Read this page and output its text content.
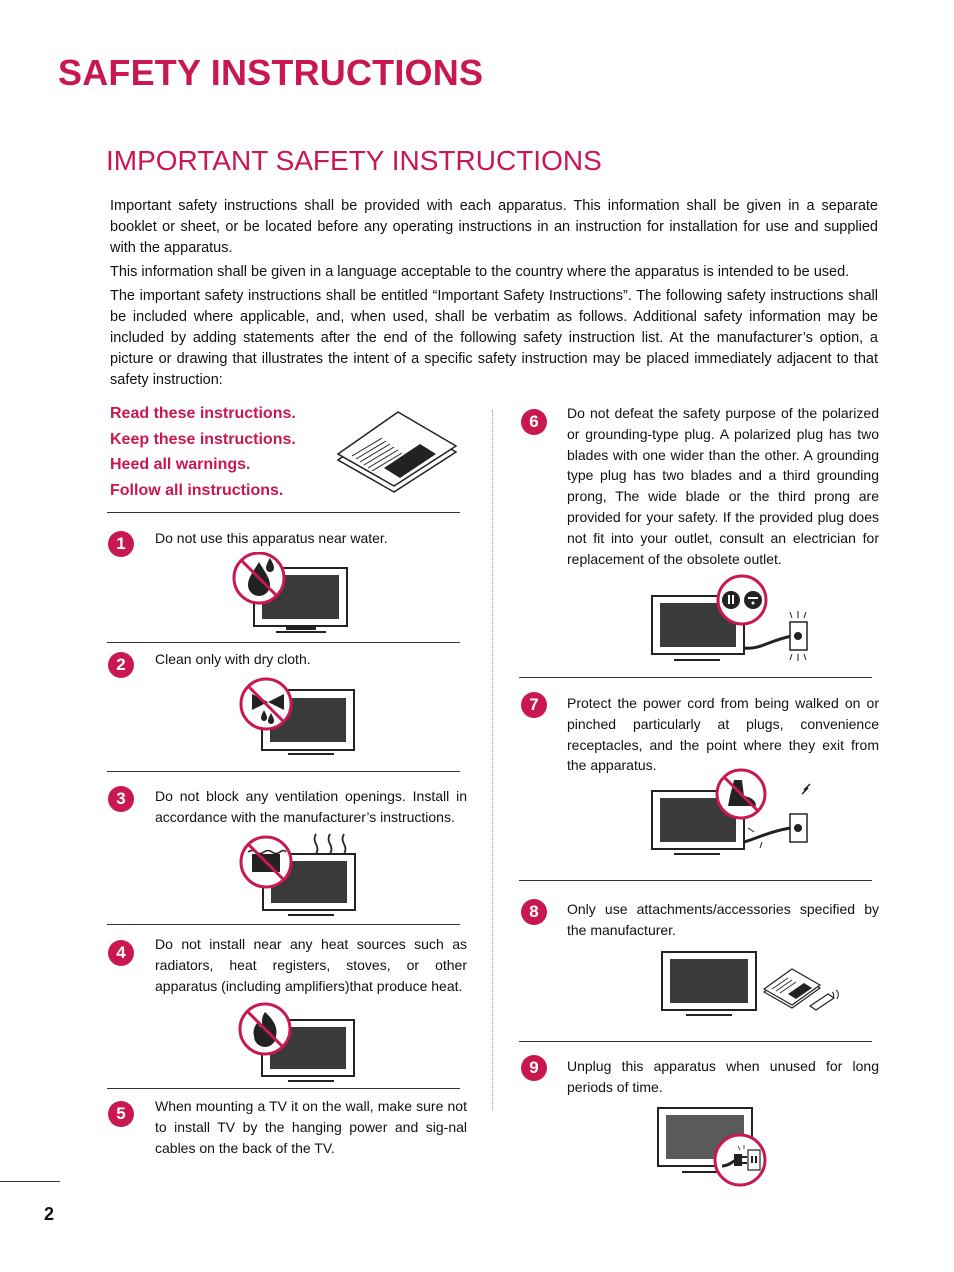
SAFETY INSTRUCTIONS
IMPORTANT SAFETY INSTRUCTIONS

Important safety instructions shall be provided with each apparatus. This information shall be given in a separate booklet or sheet, or be located before any operating instructions in an instruction for installation for use and supplied with the apparatus.

This information shall be given in a language acceptable to the country where the apparatus is intended to be used.

The important safety instructions shall be entitled “Important Safety Instructions”. The following safety instructions shall be included where applicable, and, when used, shall be verbatim as follows. Additional safety information may be included by adding statements after the end of the following safety instruction list. At the manufacturer’s option, a picture or drawing that illustrates the intent of a specific safety instruction may be placed immediately adjacent to that safety instruction:

Read these instructions.
Keep these instructions.
Heed all warnings.
Follow all instructions.
1	Do not use this apparatus near water.

2	Clean only with dry cloth.

3	Do not block any ventilation openings. Install in accordance with the manufacturer’s instructions.

4	Do not install near any heat sources such as radiators, heat registers, stoves, or other apparatus (including amplifiers)that produce heat.

5	When mounting a TV it on the wall, make sure not to install TV by the hanging power and sig-nal cables on the back of the TV.

6	Do not defeat the safety purpose of the polarized or grounding-type plug. A polarized plug has two blades with one wider than the other. A grounding type plug has two blades and a third grounding prong, The wide blade or the third prong are provided for your safety. If the provided plug does not fit into your outlet, consult an electrician for replacement of the obsolete outlet.

7	Protect the power cord from being walked on or pinched particularly at plugs, convenience receptacles, and the point where they exit from the apparatus.

8	Only use attachments/accessories specified by the manufacturer.

9	Unplug this apparatus when unused for long periods of time.

2
